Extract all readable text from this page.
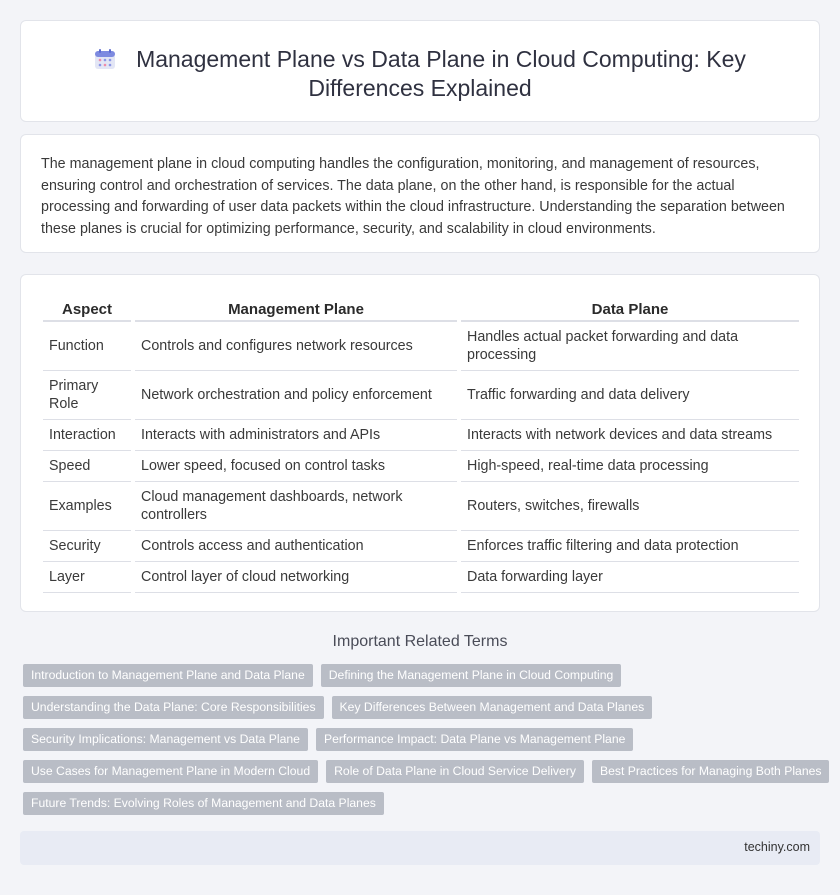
Management Plane vs Data Plane in Cloud Computing: Key Differences Explained

The management plane in cloud computing handles the configuration, monitoring, and management of resources, ensuring control and orchestration of services. The data plane, on the other hand, is responsible for the actual processing and forwarding of user data packets within the cloud infrastructure. Understanding the separation between these planes is crucial for optimizing performance, security, and scalability in cloud environments.

Aspect		Management Plane		Data Plane
Function		Controls and configures network resources		Handles actual packet forwarding and data processing
Primary Role		Network orchestration and policy enforcement		Traffic forwarding and data delivery
Interaction		Interacts with administrators and APIs		Interacts with network devices and data streams
Speed		Lower speed, focused on control tasks		High-speed, real-time data processing
Examples		Cloud management dashboards, network controllers		Routers, switches, firewalls
Security		Controls access and authentication		Enforces traffic filtering and data protection
Layer		Control layer of cloud networking		Data forwarding layer
Important Related Terms
Introduction to Management Plane and Data Plane	Defining the Management Plane in Cloud Computing
Understanding the Data Plane: Core Responsibilities	Key Differences Between Management and Data Planes
Security Implications: Management vs Data Plane	Performance Impact: Data Plane vs Management Plane
Use Cases for Management Plane in Modern Cloud	Role of Data Plane in Cloud Service Delivery	Best Practices for Managing Both Planes
Future Trends: Evolving Roles of Management and Data Planes
techiny.com
